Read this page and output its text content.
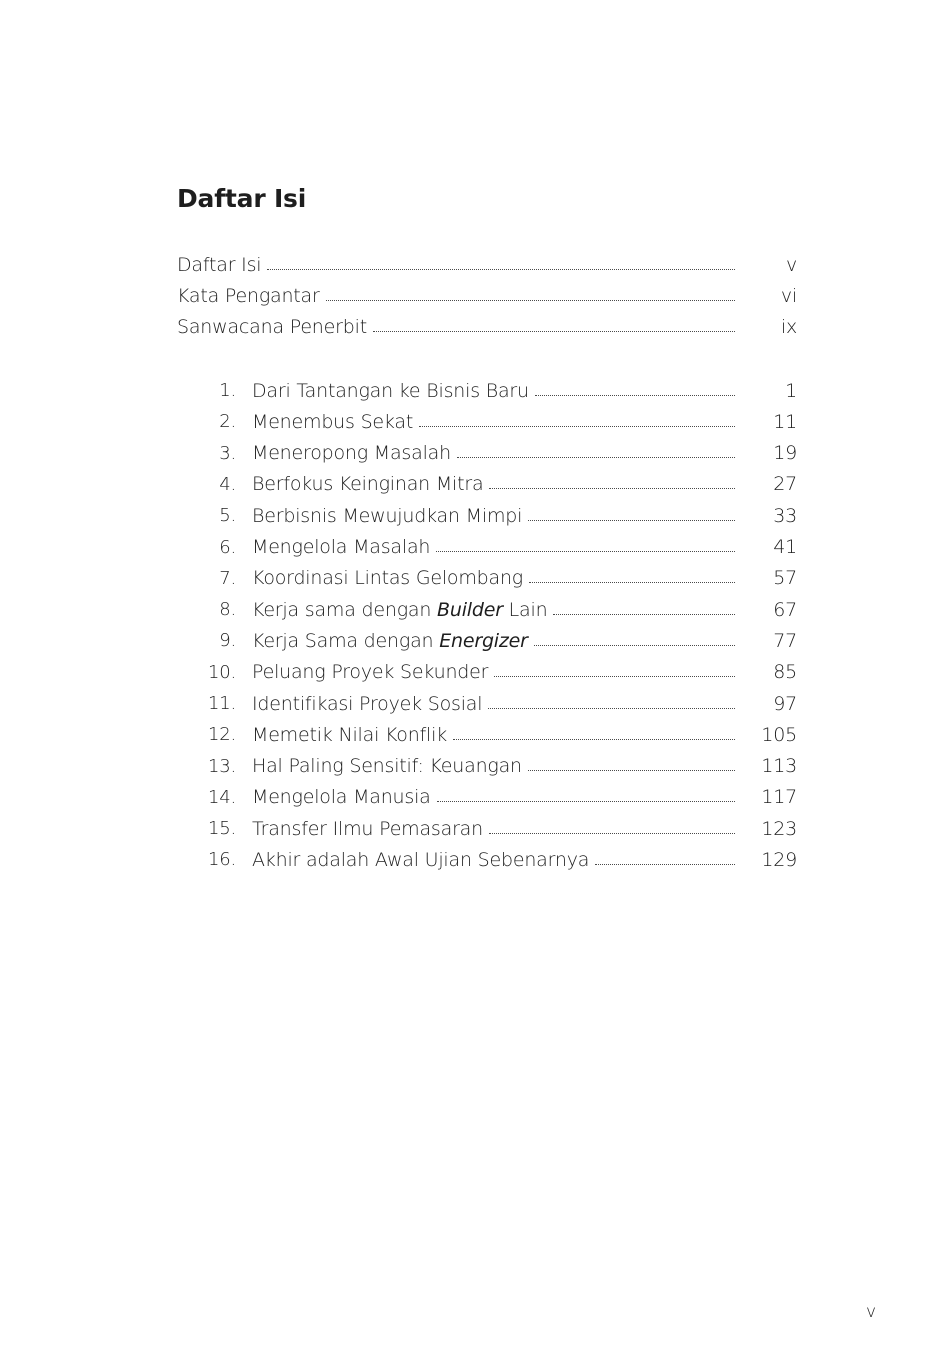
Daftar Isi
Daftar Isi	v
Kata Pengantar	vi
Sanwacana Penerbit	ix
1. Dari Tantangan ke Bisnis Baru	1
2. Menembus Sekat	11
3. Meneropong Masalah	19
4. Berfokus Keinginan Mitra	27
5. Berbisnis Mewujudkan Mimpi	33
6. Mengelola Masalah	41
7. Koordinasi Lintas Gelombang	57
8. Kerja sama dengan Builder Lain	67
9. Kerja Sama dengan Energizer	77
10. Peluang Proyek Sekunder	85
11. Identifikasi Proyek Sosial	97
12. Memetik Nilai Konflik	105
13. Hal Paling Sensitif: Keuangan	113
14. Mengelola Manusia	117
15. Transfer Ilmu Pemasaran	123
16. Akhir adalah Awal Ujian Sebenarnya	129

v
